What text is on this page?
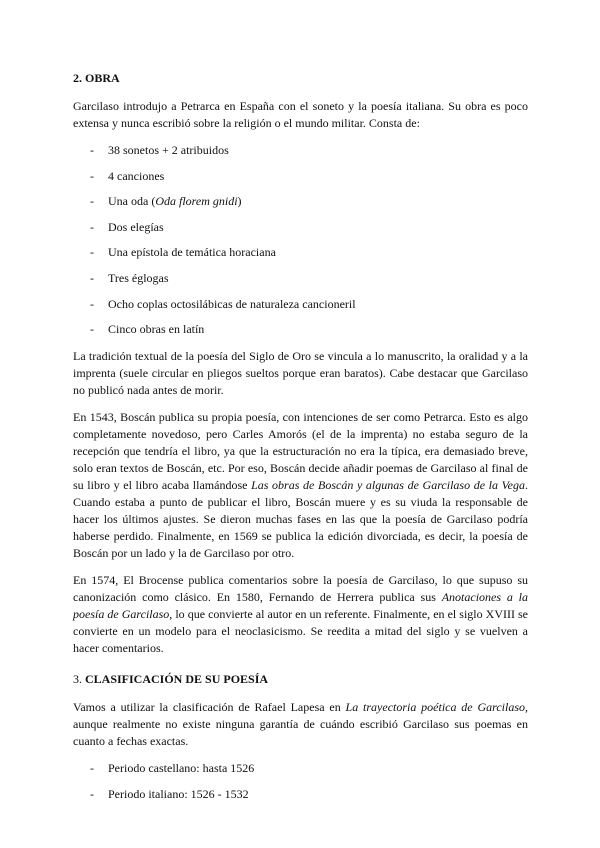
2. OBRA

Garcilaso introdujo a Petrarca en España con el soneto y la poesía italiana. Su obra es poco extensa y nunca escribió sobre la religión o el mundo militar. Consta de:

- 38 sonetos + 2 atribuidos
- 4 canciones
- Una oda (Oda florem gnidi)
- Dos elegías
- Una epístola de temática horaciana
- Tres églogas
- Ocho coplas octosilábicas de naturaleza cancioneril
- Cinco obras en latín

La tradición textual de la poesía del Siglo de Oro se vincula a lo manuscrito, la oralidad y a la imprenta (suele circular en pliegos sueltos porque eran baratos). Cabe destacar que Garcilaso no publicó nada antes de morir.

En 1543, Boscán publica su propia poesía, con intenciones de ser como Petrarca. Esto es algo completamente novedoso, pero Carles Amorós (el de la imprenta) no estaba seguro de la recepción que tendría el libro, ya que la estructuración no era la típica, era demasiado breve, solo eran textos de Boscán, etc. Por eso, Boscán decide añadir poemas de Garcilaso al final de su libro y el libro acaba llamándose Las obras de Boscán y algunas de Garcilaso de la Vega. Cuando estaba a punto de publicar el libro, Boscán muere y es su viuda la responsable de hacer los últimos ajustes. Se dieron muchas fases en las que la poesía de Garcilaso podría haberse perdido. Finalmente, en 1569 se publica la edición divorciada, es decir, la poesía de Boscán por un lado y la de Garcilaso por otro.

En 1574, El Brocense publica comentarios sobre la poesía de Garcilaso, lo que supuso su canonización como clásico. En 1580, Fernando de Herrera publica sus Anotaciones a la poesía de Garcilaso, lo que convierte al autor en un referente. Finalmente, en el siglo XVIII se convierte en un modelo para el neoclasicismo. Se reedita a mitad del siglo y se vuelven a hacer comentarios.

3. CLASIFICACIÓN DE SU POESÍA

Vamos a utilizar la clasificación de Rafael Lapesa en La trayectoria poética de Garcilaso, aunque realmente no existe ninguna garantía de cuándo escribió Garcilaso sus poemas en cuanto a fechas exactas.

- Periodo castellano: hasta 1526
- Periodo italiano: 1526 - 1532
